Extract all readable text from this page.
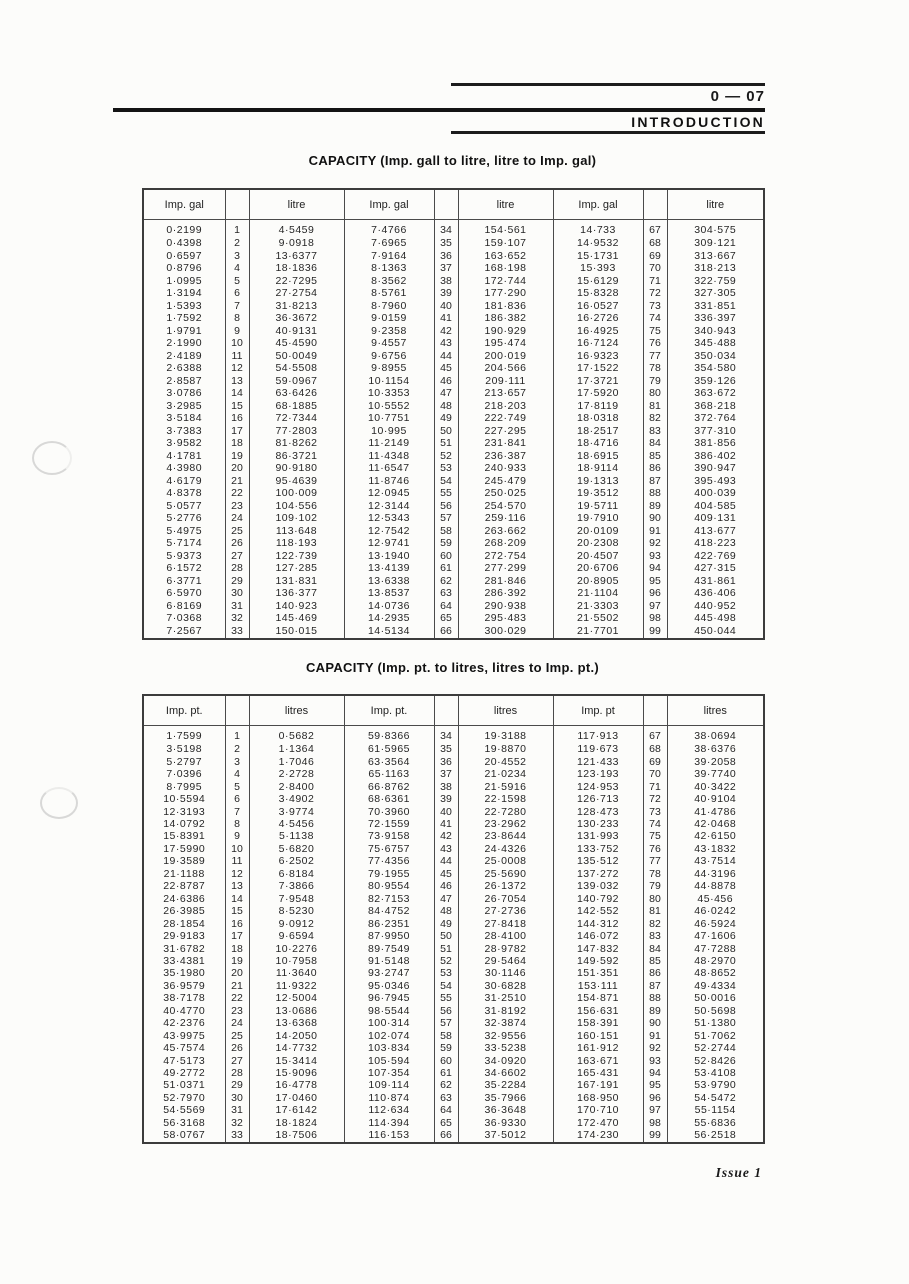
0 — 07
INTRODUCTION
CAPACITY (Imp. gall to litre, litre to Imp. gal)
Imp. gal		litre	Imp. gal		litre	Imp. gal		litre
0·2199	1	4·5459	7·4766	34	154·561	14·733	67	304·575
0·4398	2	9·0918	7·6965	35	159·107	14·9532	68	309·121
0·6597	3	13·6377	7·9164	36	163·652	15·1731	69	313·667
0·8796	4	18·1836	8·1363	37	168·198	15·393	70	318·213
1·0995	5	22·7295	8·3562	38	172·744	15·6129	71	322·759
1·3194	6	27·2754	8·5761	39	177·290	15·8328	72	327·305
1·5393	7	31·8213	8·7960	40	181·836	16·0527	73	331·851
1·7592	8	36·3672	9·0159	41	186·382	16·2726	74	336·397
1·9791	9	40·9131	9·2358	42	190·929	16·4925	75	340·943
2·1990	10	45·4590	9·4557	43	195·474	16·7124	76	345·488
2·4189	11	50·0049	9·6756	44	200·019	16·9323	77	350·034
2·6388	12	54·5508	9·8955	45	204·566	17·1522	78	354·580
2·8587	13	59·0967	10·1154	46	209·111	17·3721	79	359·126
3·0786	14	63·6426	10·3353	47	213·657	17·5920	80	363·672
3·2985	15	68·1885	10·5552	48	218·203	17·8119	81	368·218
3·5184	16	72·7344	10·7751	49	222·749	18·0318	82	372·764
3·7383	17	77·2803	10·995	50	227·295	18·2517	83	377·310
3·9582	18	81·8262	11·2149	51	231·841	18·4716	84	381·856
4·1781	19	86·3721	11·4348	52	236·387	18·6915	85	386·402
4·3980	20	90·9180	11·6547	53	240·933	18·9114	86	390·947
4·6179	21	95·4639	11·8746	54	245·479	19·1313	87	395·493
4·8378	22	100·009	12·0945	55	250·025	19·3512	88	400·039
5·0577	23	104·556	12·3144	56	254·570	19·5711	89	404·585
5·2776	24	109·102	12·5343	57	259·116	19·7910	90	409·131
5·4975	25	113·648	12·7542	58	263·662	20·0109	91	413·677
5·7174	26	118·193	12·9741	59	268·209	20·2308	92	418·223
5·9373	27	122·739	13·1940	60	272·754	20·4507	93	422·769
6·1572	28	127·285	13·4139	61	277·299	20·6706	94	427·315
6·3771	29	131·831	13·6338	62	281·846	20·8905	95	431·861
6·5970	30	136·377	13·8537	63	286·392	21·1104	96	436·406
6·8169	31	140·923	14·0736	64	290·938	21·3303	97	440·952
7·0368	32	145·469	14·2935	65	295·483	21·5502	98	445·498
7·2567	33	150·015	14·5134	66	300·029	21·7701	99	450·044
CAPACITY (Imp. pt. to litres, litres to Imp. pt.)
Imp. pt.		litres	Imp. pt.		litres	Imp. pt		litres
1·7599	1	0·5682	59·8366	34	19·3188	117·913	67	38·0694
3·5198	2	1·1364	61·5965	35	19·8870	119·673	68	38·6376
5·2797	3	1·7046	63·3564	36	20·4552	121·433	69	39·2058
7·0396	4	2·2728	65·1163	37	21·0234	123·193	70	39·7740
8·7995	5	2·8400	66·8762	38	21·5916	124·953	71	40·3422
10·5594	6	3·4902	68·6361	39	22·1598	126·713	72	40·9104
12·3193	7	3·9774	70·3960	40	22·7280	128·473	73	41·4786
14·0792	8	4·5456	72·1559	41	23·2962	130·233	74	42·0468
15·8391	9	5·1138	73·9158	42	23·8644	131·993	75	42·6150
17·5990	10	5·6820	75·6757	43	24·4326	133·752	76	43·1832
19·3589	11	6·2502	77·4356	44	25·0008	135·512	77	43·7514
21·1188	12	6·8184	79·1955	45	25·5690	137·272	78	44·3196
22·8787	13	7·3866	80·9554	46	26·1372	139·032	79	44·8878
24·6386	14	7·9548	82·7153	47	26·7054	140·792	80	45·456
26·3985	15	8·5230	84·4752	48	27·2736	142·552	81	46·0242
28·1854	16	9·0912	86·2351	49	27·8418	144·312	82	46·5924
29·9183	17	9·6594	87·9950	50	28·4100	146·072	83	47·1606
31·6782	18	10·2276	89·7549	51	28·9782	147·832	84	47·7288
33·4381	19	10·7958	91·5148	52	29·5464	149·592	85	48·2970
35·1980	20	11·3640	93·2747	53	30·1146	151·351	86	48·8652
36·9579	21	11·9322	95·0346	54	30·6828	153·111	87	49·4334
38·7178	22	12·5004	96·7945	55	31·2510	154·871	88	50·0016
40·4770	23	13·0686	98·5544	56	31·8192	156·631	89	50·5698
42·2376	24	13·6368	100·314	57	32·3874	158·391	90	51·1380
43·9975	25	14·2050	102·074	58	32·9556	160·151	91	51·7062
45·7574	26	14·7732	103·834	59	33·5238	161·912	92	52·2744
47·5173	27	15·3414	105·594	60	34·0920	163·671	93	52·8426
49·2772	28	15·9096	107·354	61	34·6602	165·431	94	53·4108
51·0371	29	16·4778	109·114	62	35·2284	167·191	95	53·9790
52·7970	30	17·0460	110·874	63	35·7966	168·950	96	54·5472
54·5569	31	17·6142	112·634	64	36·3648	170·710	97	55·1154
56·3168	32	18·1824	114·394	65	36·9330	172·470	98	55·6836
58·0767	33	18·7506	116·153	66	37·5012	174·230	99	56·2518
Issue 1
